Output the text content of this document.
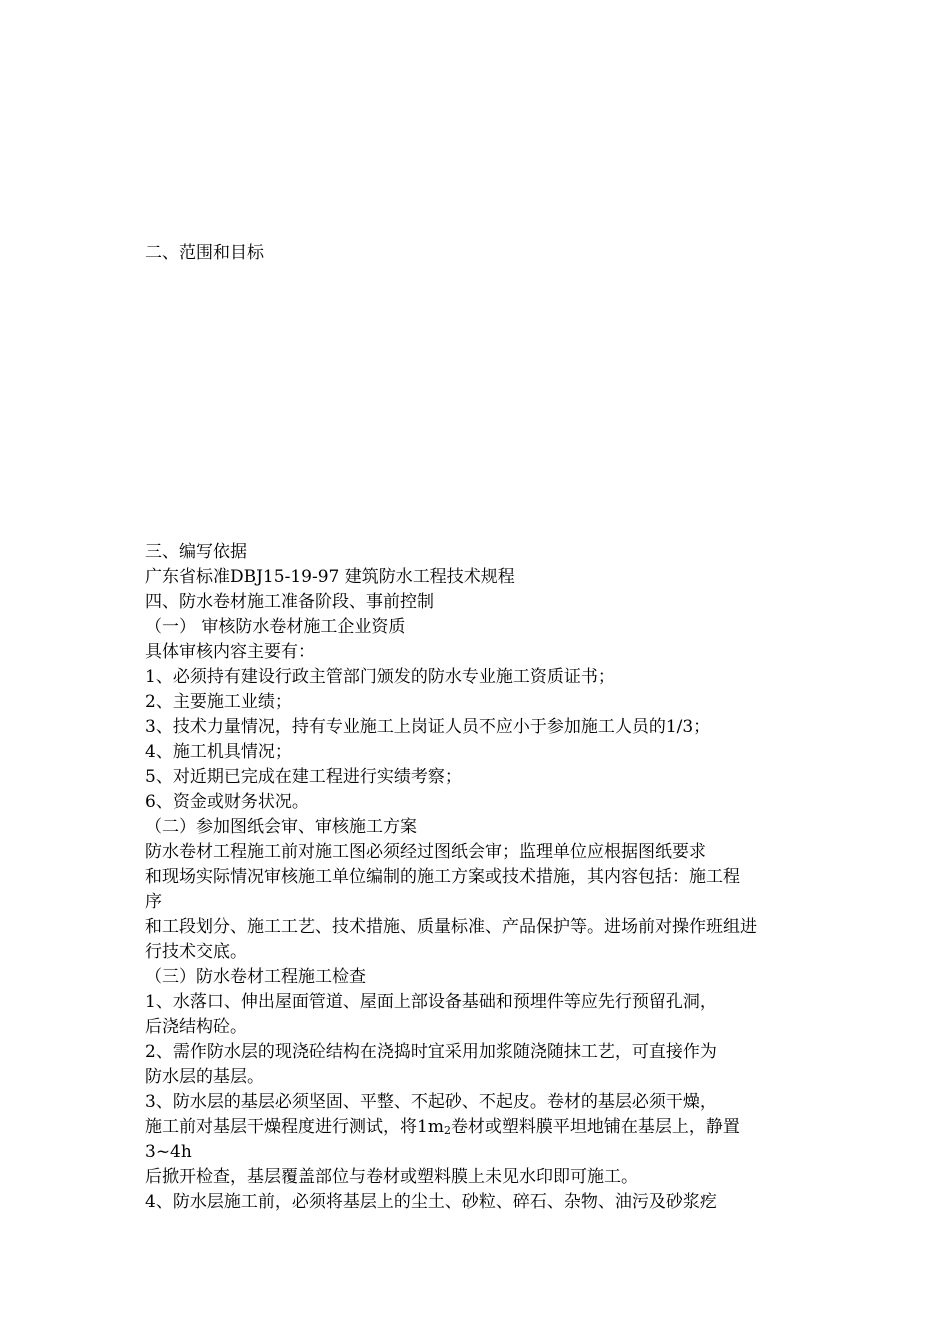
二、范围和目标
三、编写依据
广东省标准DBJ15-19-97 建筑防水工程技术规程
四、防水卷材施工准备阶段、事前控制
（一） 审核防水卷材施工企业资质
具体审核内容主要有：
1、必须持有建设行政主管部门颁发的防水专业施工资质证书；
2、主要施工业绩；
3、技术力量情况，持有专业施工上岗证人员不应小于参加施工人员的1/3；
4、施工机具情况；
5、对近期已完成在建工程进行实绩考察；
6、资金或财务状况。
（二）参加图纸会审、审核施工方案
防水卷材工程施工前对施工图必须经过图纸会审；监理单位应根据图纸要求
和现场实际情况审核施工单位编制的施工方案或技术措施，其内容包括：施工程
序
和工段划分、施工工艺、技术措施、质量标准、产品保护等。进场前对操作班组进
行技术交底。
（三）防水卷材工程施工检查
1、水落口、伸出屋面管道、屋面上部设备基础和预埋件等应先行预留孔洞，
后浇结构砼。
2、需作防水层的现浇砼结构在浇捣时宜采用加浆随浇随抹工艺，可直接作为
防水层的基层。
3、防水层的基层必须坚固、平整、不起砂、不起皮。卷材的基层必须干燥，
施工前对基层干燥程度进行测试，将1m2卷材或塑料膜平坦地铺在基层上，静置
3~4h
后掀开检查，基层覆盖部位与卷材或塑料膜上未见水印即可施工。
4、防水层施工前，必须将基层上的尘土、砂粒、碎石、杂物、油污及砂浆疙
